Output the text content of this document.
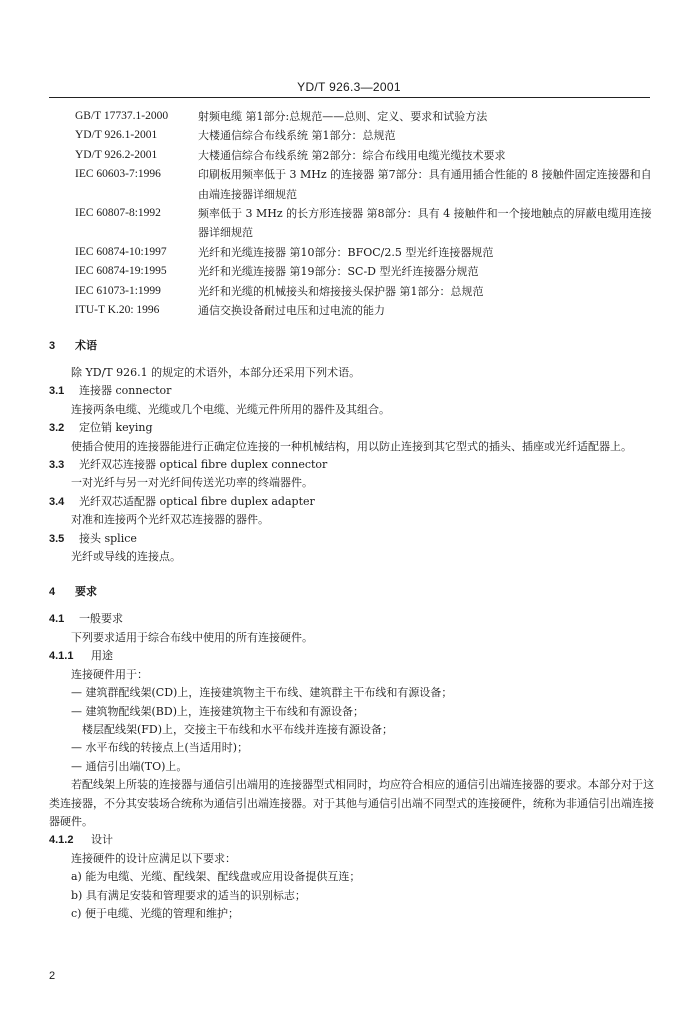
YD/T 926.3—2001
GB/T 17737.1-2000	射频电缆 第1部分:总规范——总则、定义、要求和试验方法
YD/T 926.1-2001	大楼通信综合布线系统 第1部分：总规范
YD/T 926.2-2001	大楼通信综合布线系统 第2部分：综合布线用电缆光缆技术要求
IEC 60603-7:1996	印刷板用频率低于 3 MHz 的连接器 第7部分：具有通用插合性能的 8 接触件固定连接器和自由端连接器详细规范
IEC 60807-8:1992	频率低于 3 MHz 的长方形连接器 第8部分：具有 4 接触件和一个接地触点的屏蔽电缆用连接器详细规范
IEC 60874-10:1997	光纤和光缆连接器 第10部分：BFOC/2.5 型光纤连接器规范
IEC 60874-19:1995	光纤和光缆连接器 第19部分：SC-D 型光纤连接器分规范
IEC 61073-1:1999	光纤和光缆的机械接头和熔接接头保护器 第1部分：总规范
ITU-T K.20: 1996	通信交换设备耐过电压和过电流的能力
3 术语
除 YD/T 926.1 的规定的术语外，本部分还采用下列术语。
3.1 连接器 connector
连接两条电缆、光缆或几个电缆、光缆元件所用的器件及其组合。
3.2 定位销 keying
使插合使用的连接器能进行正确定位连接的一种机械结构，用以防止连接到其它型式的插头、插座或光纤适配器上。
3.3 光纤双芯连接器 optical fibre duplex connector
一对光纤与另一对光纤间传送光功率的终端器件。
3.4 光纤双芯适配器 optical fibre duplex adapter
对准和连接两个光纤双芯连接器的器件。
3.5 接头 splice
光纤或导线的连接点。
4 要求
4.1 一般要求
下列要求适用于综合布线中使用的所有连接硬件。
4.1.1 用途
连接硬件用于：
— 建筑群配线架(CD)上，连接建筑物主干布线、建筑群主干布线和有源设备；
— 建筑物配线架(BD)上，连接建筑物主干布线和有源设备；
　楼层配线架(FD)上，交接主干布线和水平布线并连接有源设备；
— 水平布线的转接点上(当适用时)；
— 通信引出端(TO)上。
若配线架上所装的连接器与通信引出端用的连接器型式相同时，均应符合相应的通信引出端连接器的要求。本部分对于这类连接器，不分其安装场合统称为通信引出端连接器。对于其他与通信引出端不同型式的连接硬件，统称为非通信引出端连接器硬件。
4.1.2 设计
连接硬件的设计应满足以下要求：
a) 能为电缆、光缆、配线架、配线盘或应用设备提供互连；
b) 具有满足安装和管理要求的适当的识别标志；
c) 便于电缆、光缆的管理和维护；
2
